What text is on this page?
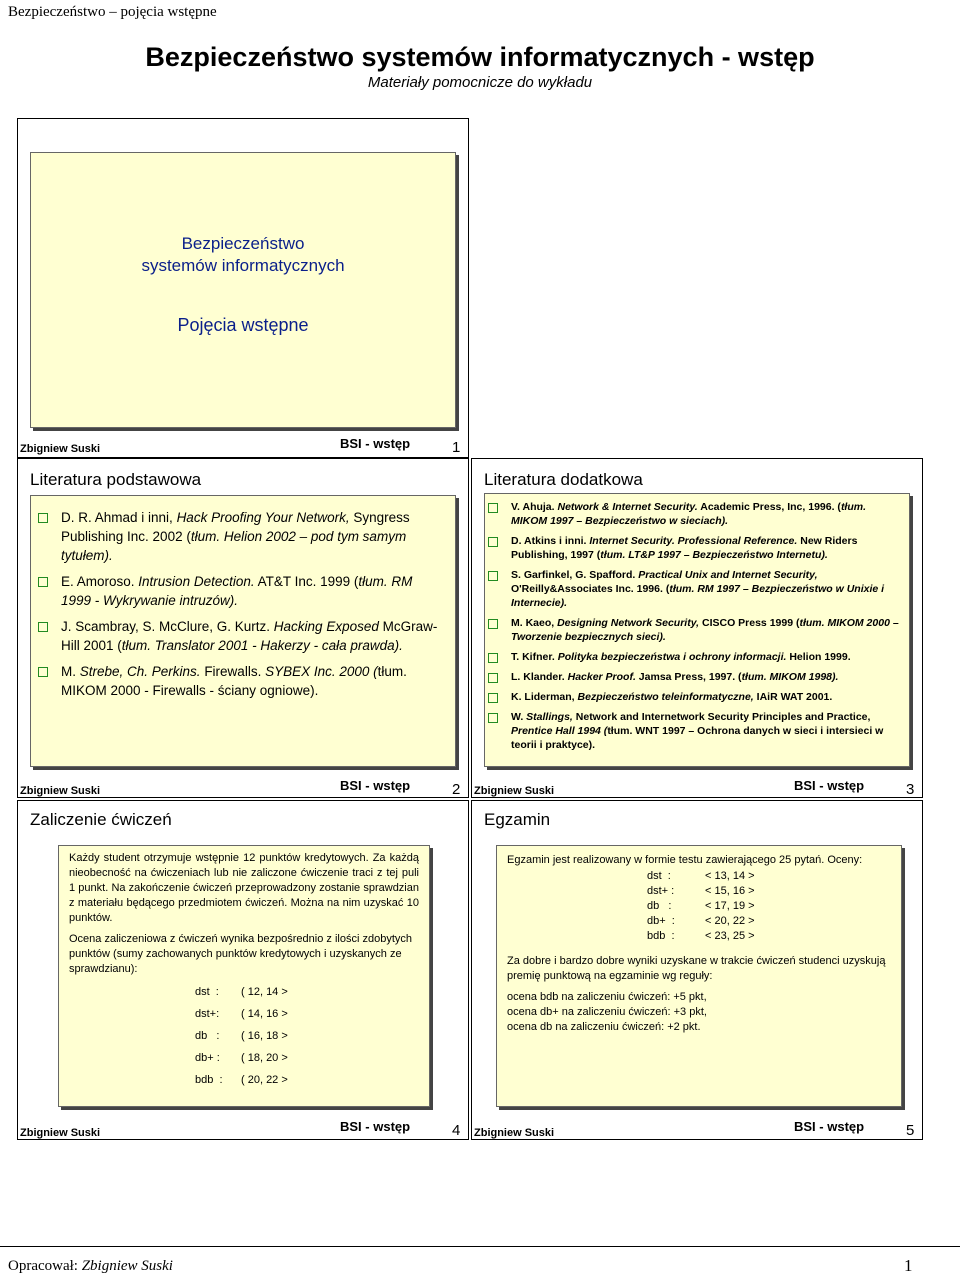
Bezpieczeństwo – pojęcia wstępne
Bezpieczeństwo systemów informatycznych - wstęp
Materiały pomocnicze do wykładu
Bezpieczeństwo
systemów informatycznych
Pojęcia wstępne
Zbigniew Suski	BSI - wstęp	1
Literatura podstawowa
D. R. Ahmad i inni, Hack Proofing Your Network, Syngress Publishing Inc. 2002 (tłum. Helion 2002 – pod tym samym tytułem).
E. Amoroso. Intrusion Detection. AT&T Inc. 1999 (tłum. RM 1999 - Wykrywanie intruzów).
J. Scambray, S. McClure, G. Kurtz. Hacking Exposed McGraw-Hill 2001 (tłum. Translator 2001 - Hakerzy - cała prawda).
M. Strebe, Ch. Perkins. Firewalls. SYBEX Inc. 2000 (tłum. MIKOM 2000 - Firewalls - ściany ogniowe).
Zbigniew Suski	BSI - wstęp	2
Literatura dodatkowa
V. Ahuja. Network & Internet Security. Academic Press, Inc, 1996. (tłum. MIKOM 1997 – Bezpieczeństwo w sieciach).
D. Atkins i inni. Internet Security. Professional Reference. New Riders Publishing, 1997 (tłum. LT&P 1997 – Bezpieczeństwo Internetu).
S. Garfinkel, G. Spafford. Practical Unix and Internet Security, O'Reilly&Associates Inc. 1996. (tłum. RM 1997 – Bezpieczeństwo w Unixie i Internecie).
M. Kaeo, Designing Network Security, CISCO Press 1999 (tłum. MIKOM 2000 – Tworzenie bezpiecznych sieci).
T. Kifner. Polityka bezpieczeństwa i ochrony informacji. Helion 1999.
L. Klander. Hacker Proof. Jamsa Press, 1997. (tłum. MIKOM 1998).
K. Liderman, Bezpieczeństwo teleinformatyczne, IAiR WAT 2001.
W. Stallings, Network and Internetwork Security Principles and Practice, Prentice Hall 1994 (tłum. WNT 1997 – Ochrona danych w sieci i intersieci w teorii i praktyce).
Zbigniew Suski	BSI - wstęp	3
Zaliczenie ćwiczeń
Każdy student otrzymuje wstępnie 12 punktów kredytowych. Za każdą nieobecność na ćwiczeniach lub nie zaliczone ćwiczenie traci z tej puli 1 punkt. Na zakończenie ćwiczeń przeprowadzony zostanie sprawdzian z materiału będącego przedmiotem ćwiczeń. Można na nim uzyskać 10 punktów.
Ocena zaliczeniowa z ćwiczeń wynika bezpośrednio z ilości zdobytych punktów (sumy zachowanych punktów kredytowych i uzyskanych ze sprawdzianu):
dst  : ( 12, 14 >
dst+: ( 14, 16 >
db   : ( 16, 18 >
db+ : ( 18, 20 >
bdb  : ( 20, 22 >
Zbigniew Suski	BSI - wstęp	4
Egzamin
Egzamin jest realizowany w formie testu zawierającego 25 pytań. Oceny:
dst  :	< 13, 14 >
dst+ :	< 15, 16 >
db   :	< 17, 19 >
db+  :	< 20, 22 >
bdb  :	< 23, 25 >
Za dobre i bardzo dobre wyniki uzyskane w trakcie ćwiczeń studenci uzyskują premię punktową na egzaminie wg reguły:
ocena bdb na zaliczeniu ćwiczeń: +5 pkt,
ocena db+ na zaliczeniu ćwiczeń: +3 pkt,
ocena db na zaliczeniu ćwiczeń: +2 pkt.
Zbigniew Suski	BSI - wstęp	5
Opracował: Zbigniew Suski	1
